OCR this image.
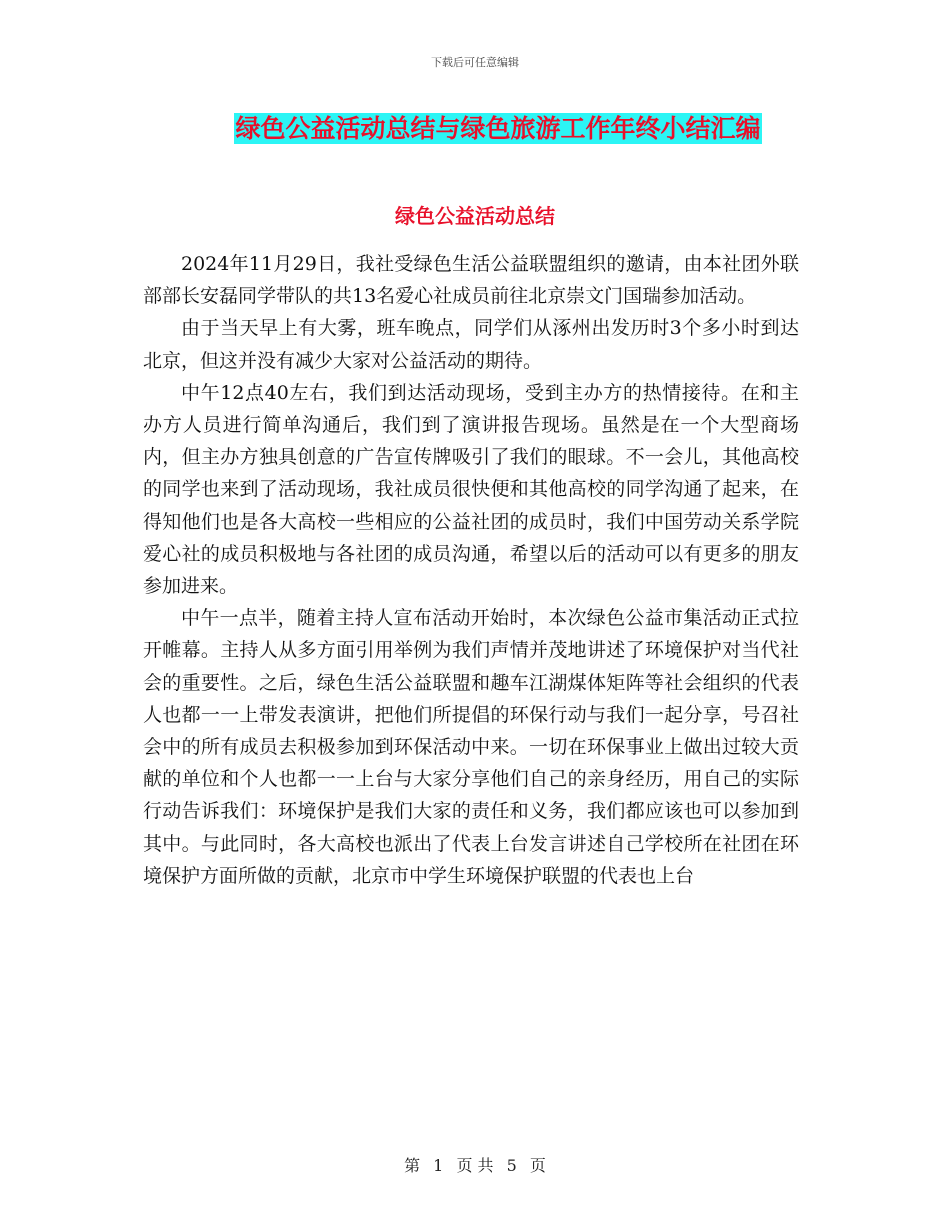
下载后可任意编辑
绿色公益活动总结与绿色旅游工作年终小结汇编
绿色公益活动总结

2024年11月29日，我社受绿色生活公益联盟组织的邀请，由本社团外联部部长安磊同学带队的共13名爱心社成员前往北京崇文门国瑞参加活动。

由于当天早上有大雾，班车晚点，同学们从涿州出发历时3个多小时到达北京，但这并没有减少大家对公益活动的期待。

中午12点40左右，我们到达活动现场，受到主办方的热情接待。在和主办方人员进行简单沟通后，我们到了演讲报告现场。虽然是在一个大型商场内，但主办方独具创意的广告宣传牌吸引了我们的眼球。不一会儿，其他高校的同学也来到了活动现场，我社成员很快便和其他高校的同学沟通了起来，在得知他们也是各大高校一些相应的公益社团的成员时，我们中国劳动关系学院爱心社的成员积极地与各社团的成员沟通，希望以后的活动可以有更多的朋友参加进来。

中午一点半，随着主持人宣布活动开始时，本次绿色公益市集活动正式拉开帷幕。主持人从多方面引用举例为我们声情并茂地讲述了环境保护对当代社会的重要性。之后，绿色生活公益联盟和趣车江湖煤体矩阵等社会组织的代表人也都一一上带发表演讲，把他们所提倡的环保行动与我们一起分享，号召社会中的所有成员去积极参加到环保活动中来。一切在环保事业上做出过较大贡献的单位和个人也都一一上台与大家分享他们自己的亲身经历，用自己的实际行动告诉我们：环境保护是我们大家的责任和义务，我们都应该也可以参加到其中。与此同时，各大高校也派出了代表上台发言讲述自己学校所在社团在环境保护方面所做的贡献，北京市中学生环境保护联盟的代表也上台

第 1 页 共 5 页
